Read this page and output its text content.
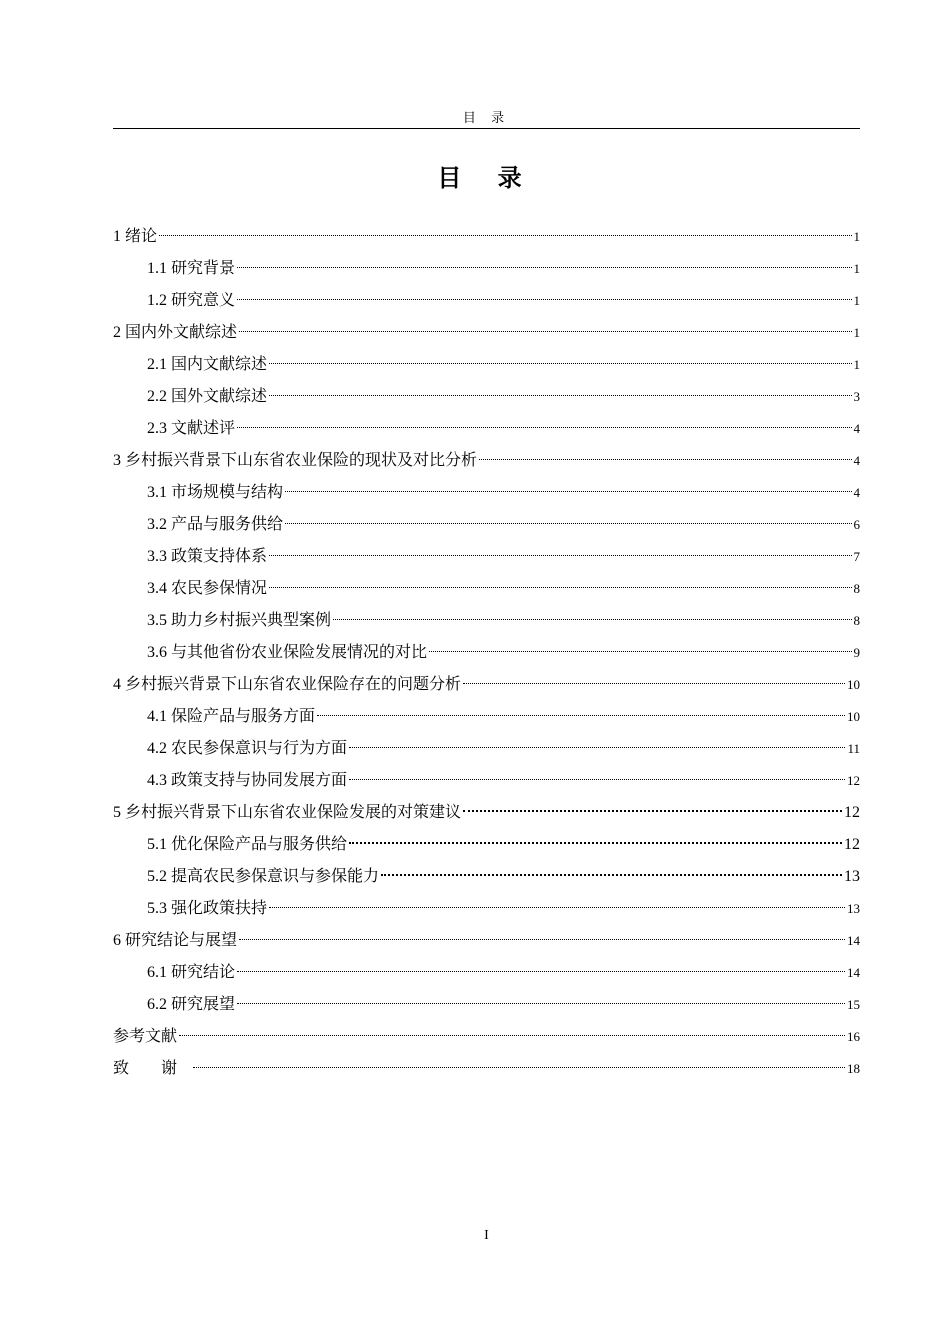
目 录
目 录
1 绪论	1
1.1 研究背景	1
1.2 研究意义	1
2 国内外文献综述	1
2.1 国内文献综述	1
2.2 国外文献综述	3
2.3 文献述评	4
3 乡村振兴背景下山东省农业保险的现状及对比分析	4
3.1 市场规模与结构	4
3.2 产品与服务供给	6
3.3 政策支持体系	7
3.4 农民参保情况	8
3.5 助力乡村振兴典型案例	8
3.6 与其他省份农业保险发展情况的对比	9
4 乡村振兴背景下山东省农业保险存在的问题分析	10
4.1 保险产品与服务方面	10
4.2 农民参保意识与行为方面	11
4.3 政策支持与协同发展方面	12
5 乡村振兴背景下山东省农业保险发展的对策建议	12
5.1 优化保险产品与服务供给	12
5.2 提高农民参保意识与参保能力	13
5.3 强化政策扶持	13
6 研究结论与展望	14
6.1 研究结论	14
6.2 研究展望	15
参考文献	16
致 谢	18
I
